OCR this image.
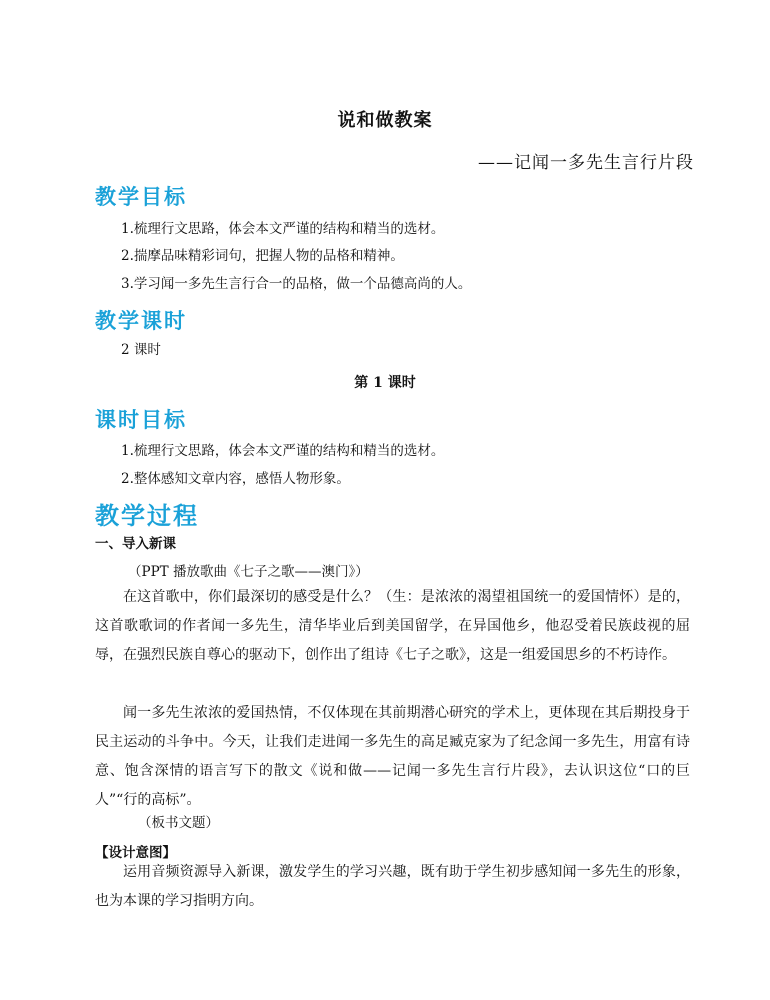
说和做教案
——记闻一多先生言行片段
教学目标
1.梳理行文思路，体会本文严谨的结构和精当的选材。
2.揣摩品味精彩词句，把握人物的品格和精神。
3.学习闻一多先生言行合一的品格，做一个品德高尚的人。
教学课时
2 课时
第 1 课时
课时目标
1.梳理行文思路，体会本文严谨的结构和精当的选材。
2.整体感知文章内容，感悟人物形象。
教学过程
一、导入新课
（PPT 播放歌曲《七子之歌——澳门》）

在这首歌中，你们最深切的感受是什么？（生：是浓浓的渴望祖国统一的爱国情怀）是的，这首歌歌词的作者闻一多先生，清华毕业后到美国留学，在异国他乡，他忍受着民族歧视的屈辱，在强烈民族自尊心的驱动下，创作出了组诗《七子之歌》，这是一组爱国思乡的不朽诗作。

闻一多先生浓浓的爱国热情，不仅体现在其前期潜心研究的学术上，更体现在其后期投身于民主运动的斗争中。今天，让我们走进闻一多先生的高足臧克家为了纪念闻一多先生，用富有诗意、饱含深情的语言写下的散文《说和做——记闻一多先生言行片段》，去认识这位“口的巨人”“行的高标”。

（板书文题）
【设计意图】

运用音频资源导入新课，激发学生的学习兴趣，既有助于学生初步感知闻一多先生的形象，也为本课的学习指明方向。
